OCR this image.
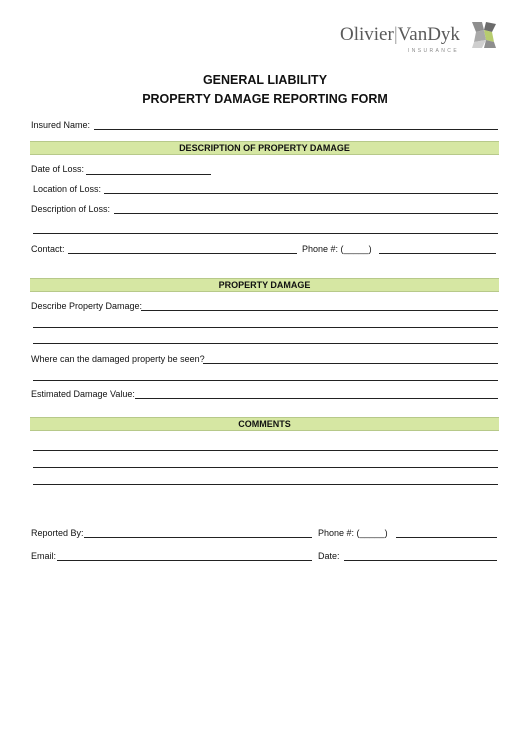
Olivier|VanDyk
INSURANCE
GENERAL LIABILITY
PROPERTY DAMAGE REPORTING FORM
Insured Name:
DESCRIPTION OF PROPERTY DAMAGE
Date of Loss:
Location of Loss:
Description of Loss:
Contact:	Phone #: (_____)
PROPERTY DAMAGE
Describe Property Damage:
Where can the damaged property be seen?
Estimated Damage Value:
COMMENTS
Reported By:	Phone #: (_____)
Email:	Date:
